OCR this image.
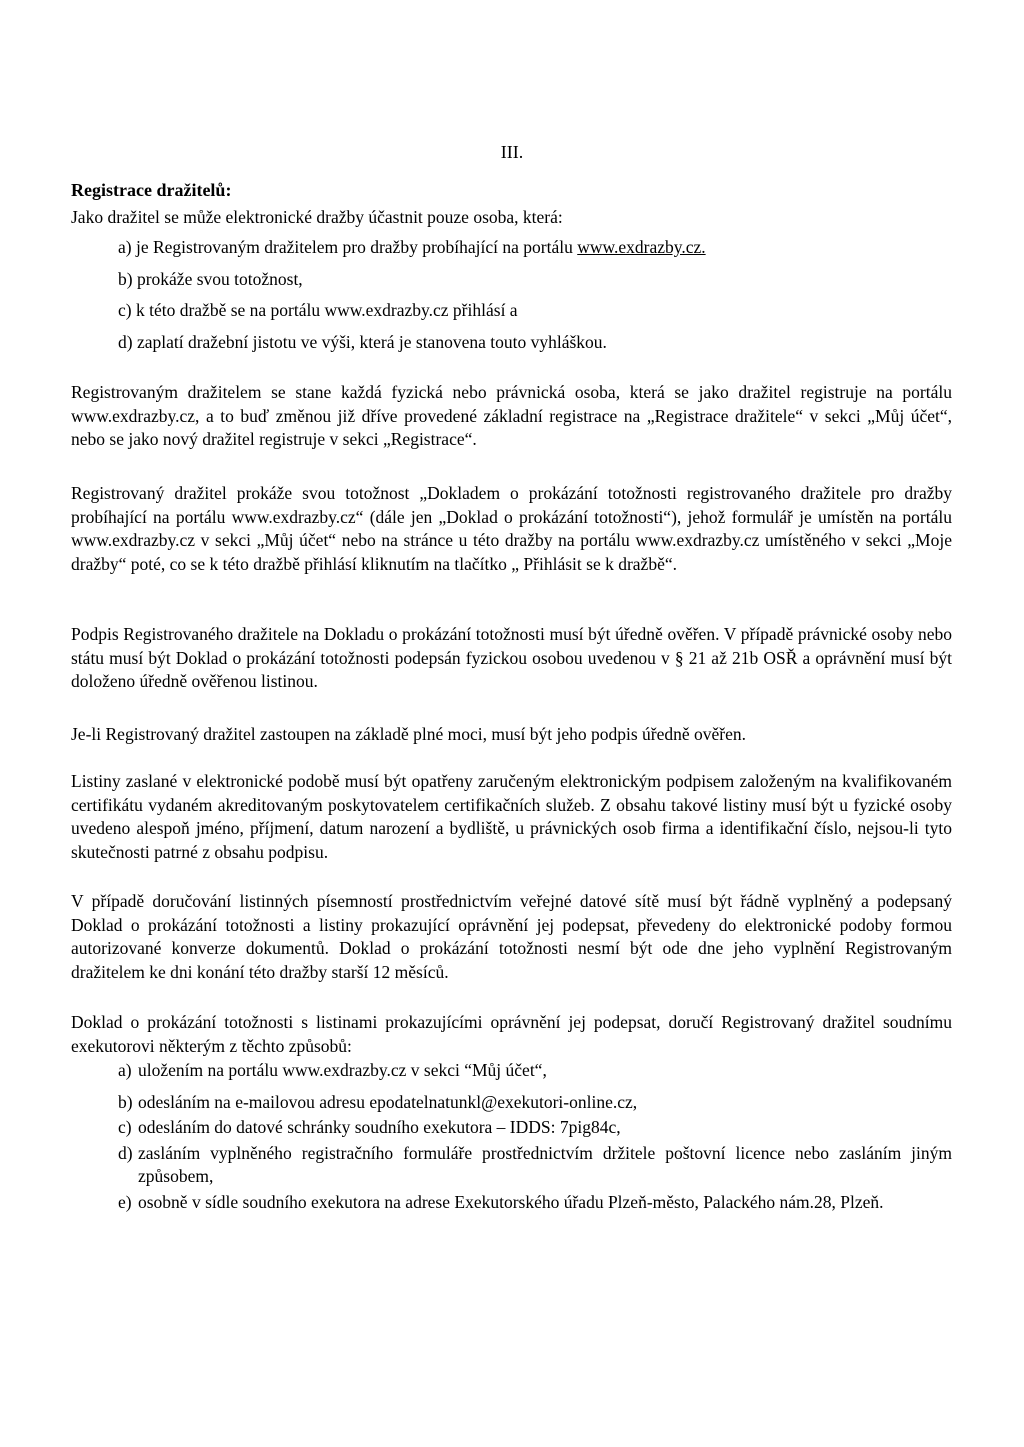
III.
Registrace dražitelů:
Jako dražitel se může elektronické dražby účastnit pouze osoba, která:
a) je Registrovaným dražitelem pro dražby probíhající na portálu www.exdrazby.cz.
b) prokáže svou totožnost,
c) k této dražbě se na portálu www.exdrazby.cz přihlásí a
d) zaplatí dražební jistotu ve výši, která je stanovena touto vyhláškou.

Registrovaným dražitelem se stane každá fyzická nebo právnická osoba, která se jako dražitel registruje na portálu www.exdrazby.cz, a to buď změnou již dříve provedené základní registrace na „Registrace dražitele“ v sekci „Můj účet“, nebo se jako nový dražitel registruje v sekci „Registrace“.

Registrovaný dražitel prokáže svou totožnost „Dokladem o prokázání totožnosti registrovaného dražitele pro dražby probíhající na portálu www.exdrazby.cz“ (dále jen „Doklad o prokázání totožnosti“), jehož formulář je umístěn na portálu www.exdrazby.cz v sekci „Můj účet“ nebo na stránce u této dražby na portálu www.exdrazby.cz umístěného v sekci „Moje dražby“ poté, co se k této dražbě přihlásí kliknutím na tlačítko „ Přihlásit se k dražbě“.

Podpis Registrovaného dražitele na Dokladu o prokázání totožnosti musí být úředně ověřen. V případě právnické osoby nebo státu musí být Doklad o prokázání totožnosti podepsán fyzickou osobou uvedenou v § 21 až 21b OSŘ a oprávnění musí být doloženo úředně ověřenou listinou.

Je-li Registrovaný dražitel zastoupen na základě plné moci, musí být jeho podpis úředně ověřen.

Listiny zaslané v elektronické podobě musí být opatřeny zaručeným elektronickým podpisem založeným na kvalifikovaném certifikátu vydaném akreditovaným poskytovatelem certifikačních služeb. Z obsahu takové listiny musí být u fyzické osoby uvedeno alespoň jméno, příjmení, datum narození a bydliště, u právnických osob firma a identifikační číslo, nejsou-li tyto skutečnosti patrné z obsahu podpisu.

V případě doručování listinných písemností prostřednictvím veřejné datové sítě musí být řádně vyplněný a podepsaný Doklad o prokázání totožnosti a listiny prokazující oprávnění jej podepsat, převedeny do elektronické podoby formou autorizované konverze dokumentů. Doklad o prokázání totožnosti nesmí být ode dne jeho vyplnění Registrovaným dražitelem ke dni konání této dražby starší 12 měsíců.

Doklad o prokázání totožnosti s listinami prokazujícími oprávnění jej podepsat, doručí Registrovaný dražitel soudnímu exekutorovi některým z těchto způsobů:

a) uložením na portálu www.exdrazby.cz v sekci “Můj účet“,
b) odesláním na e-mailovou adresu epodatelnatunkl@exekutori-online.cz,
c) odesláním do datové schránky soudního exekutora – IDDS: 7pig84c,
d) zasláním vyplněného registračního formuláře prostřednictvím držitele poštovní licence nebo zasláním jiným způsobem,
e) osobně v sídle soudního exekutora na adrese Exekutorského úřadu Plzeň-město, Palackého nám.28, Plzeň.
